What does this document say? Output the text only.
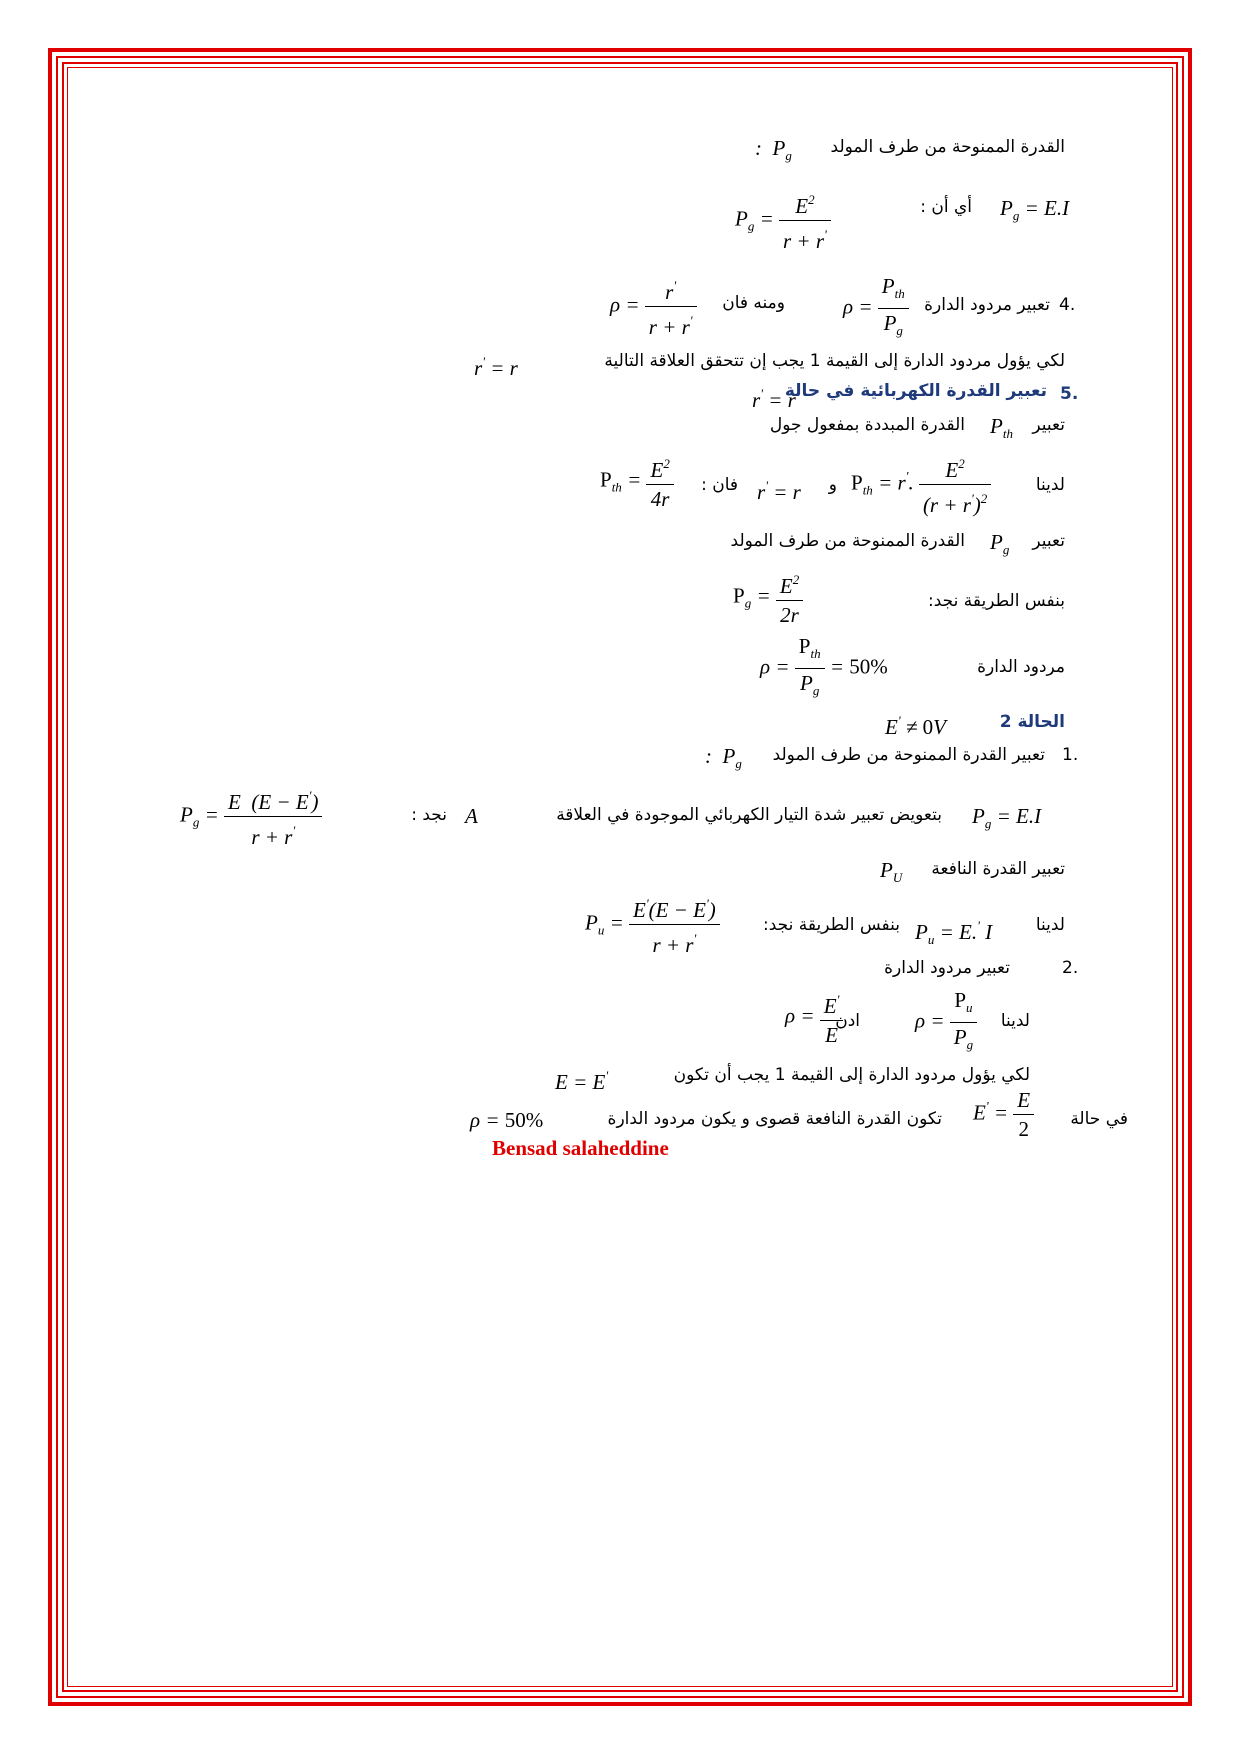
القدرة الممنوحة من طرف المولد
:  $P_g$
$P_g = \frac{E^2}{r + r'}$	أي أن : $P_g = E.I$
4.
تعبير مردود الدارة
$\rho = \frac{P_{th}}{P_g}$
ومنه فان
$\rho = \frac{r'}{r + r'}$
لكي يؤول مردود الدارة إلى القيمة 1 يجب إن تتحقق العلاقة التالية
r' = r
5.
تعبير القدرة الكهربائية في حالة
r' = r
تعبير
$P_{th}$
القدرة المبددة بمفعول جول
لدينا
$P_{th} = r'$. $\frac{E^2}{(r + r')^2}$
و
r' = r
فان :
$P_{th} = \frac{E^2}{4r}$
تعبير
$P_g$
القدرة الممنوحة من طرف المولد
بنفس الطريقة نجد:
$P_g = \frac{E^2}{2r}$
مردود الدارة
$\rho = \frac{P_{th}}{P_g} = 50\%$
الحالة 2
E' ≠ 0V
1.
تعبير القدرة الممنوحة من طرف المولد
:  $P_g$
$P_g = E.I$
بتعويض تعبير شدة التيار الكهربائي الموجودة في العلاقة
A
نجد :
$P_g = \frac{E (E - E')}{r + r'}$
تعبير القدرة النافعة
$P_U$
لدينا
$P_u = E.'$ I
بنفس الطريقة نجد:
$P_u = \frac{E'(E - E')}{r + r'}$
2.
تعبير مردود الدارة
لدينا
$\rho = \frac{P_u}{P_g}$
ادن
$\rho = \frac{E'}{E}$
لكي يؤول مردود الدارة إلى القيمة 1 يجب أن تكون
E = E'
في حالة
$E' = \frac{E}{2}$
تكون القدرة النافعة قصوى و يكون مردود الدارة
ρ = 50%
Bensad salaheddine
